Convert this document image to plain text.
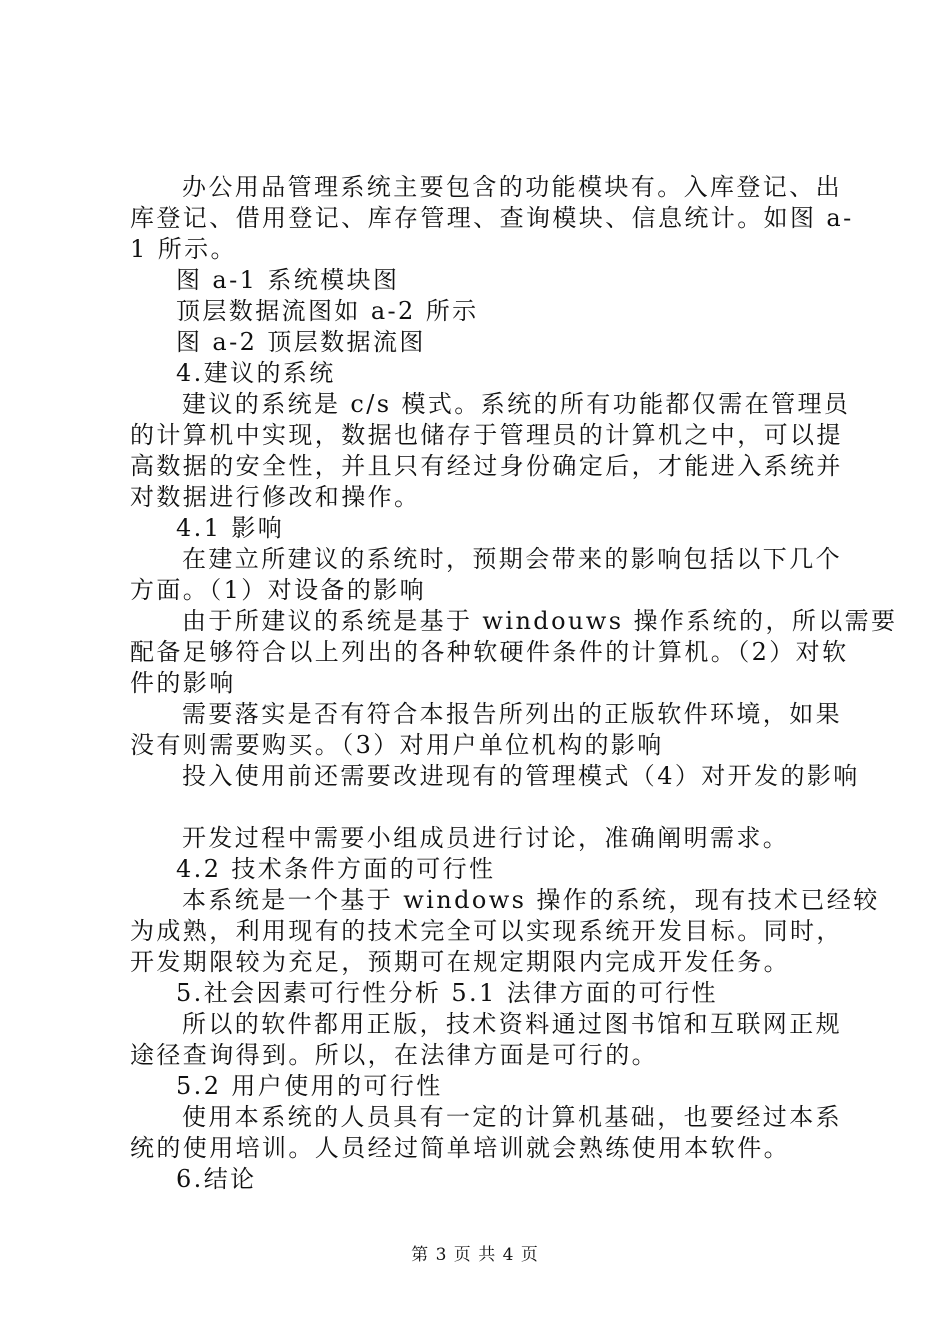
办公用品管理系统主要包含的功能模块有。入库登记、出
库登记、借用登记、库存管理、查询模块、信息统计。如图 a-
1 所示。
图 a-1 系统模块图
顶层数据流图如 a-2 所示
图 a-2 顶层数据流图
4.建议的系统
建议的系统是 c/s 模式。系统的所有功能都仅需在管理员
的计算机中实现，数据也储存于管理员的计算机之中，可以提
高数据的安全性，并且只有经过身份确定后，才能进入系统并
对数据进行修改和操作。
4.1 影响
在建立所建议的系统时，预期会带来的影响包括以下几个
方面。（1）对设备的影响
由于所建议的系统是基于 windouws 操作系统的，所以需要
配备足够符合以上列出的各种软硬件条件的计算机。（2）对软
件的影响
需要落实是否有符合本报告所列出的正版软件环境，如果
没有则需要购买。（3）对用户单位机构的影响
投入使用前还需要改进现有的管理模式（4）对开发的影响
开发过程中需要小组成员进行讨论，准确阐明需求。
4.2 技术条件方面的可行性
本系统是一个基于 windows 操作的系统，现有技术已经较
为成熟，利用现有的技术完全可以实现系统开发目标。同时，
开发期限较为充足，预期可在规定期限内完成开发任务。
5.社会因素可行性分析 5.1 法律方面的可行性
所以的软件都用正版，技术资料通过图书馆和互联网正规
途径查询得到。所以，在法律方面是可行的。
5.2 用户使用的可行性
使用本系统的人员具有一定的计算机基础，也要经过本系
统的使用培训。人员经过简单培训就会熟练使用本软件。
6.结论
第 3 页 共 4 页
